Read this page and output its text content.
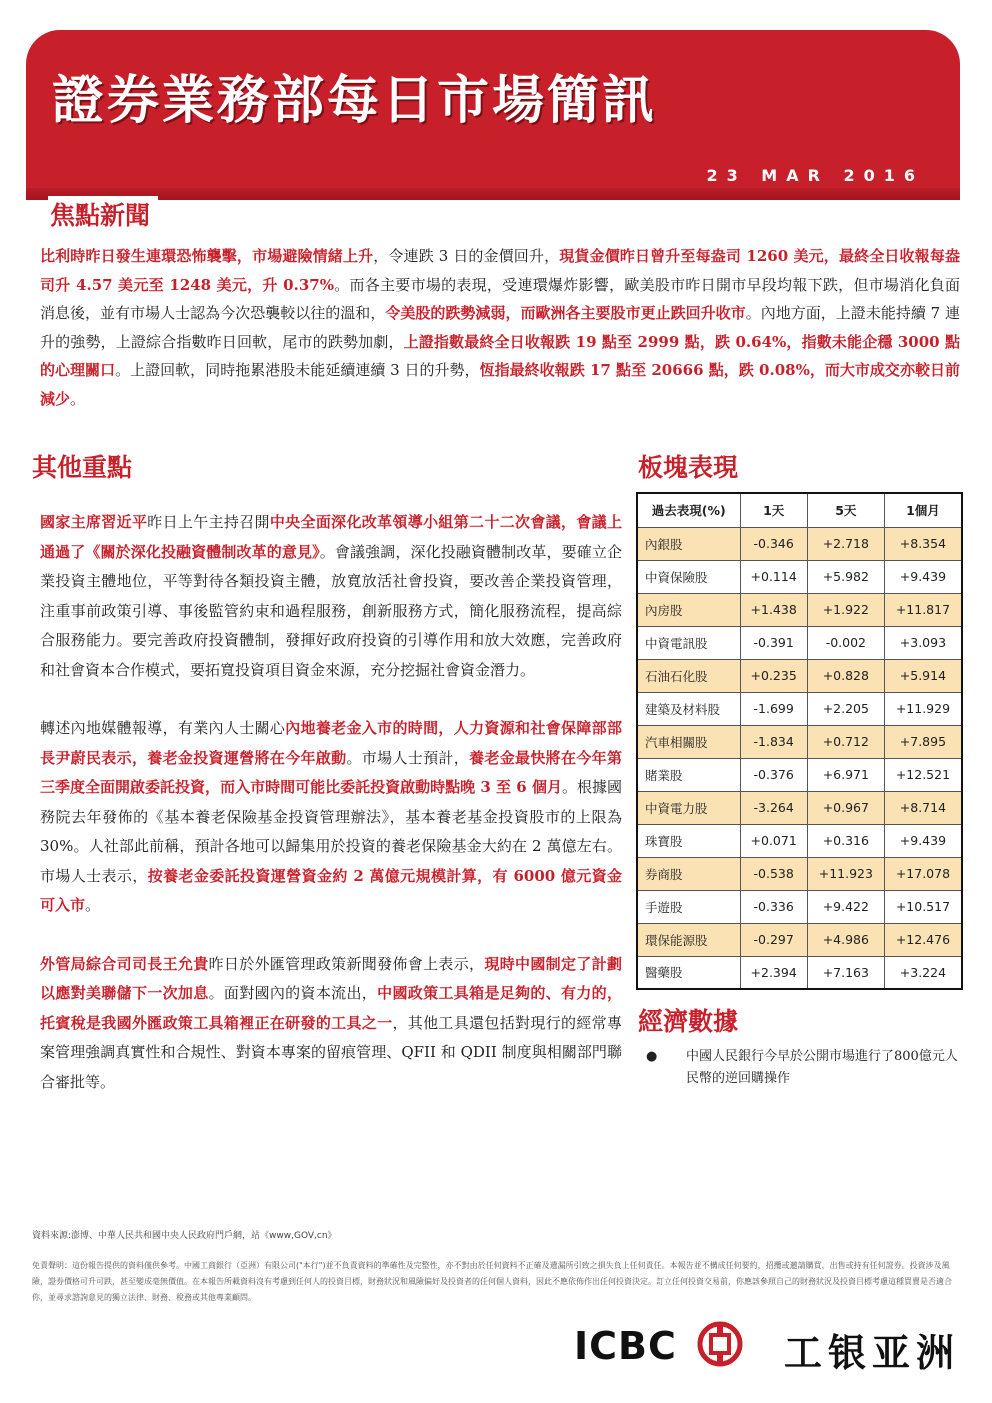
證券業務部每日市場簡訊
23 MAR 2016
焦點新聞
比利時昨日發生連環恐怖襲擊，市場避險情緒上升，令連跌 3 日的金價回升，現貨金價昨日曾升至每盎司 1260 美元，最終全日收報每盎司升 4.57 美元至 1248 美元，升 0.37%。而各主要市場的表現，受連環爆炸影響，歐美股市昨日開市早段均報下跌，但市場消化負面消息後，並有市場人士認為今次恐襲較以往的溫和，令美股的跌勢減弱，而歐洲各主要股市更止跌回升收市。內地方面，上證未能持續 7 連升的強勢，上證綜合指數昨日回軟，尾市的跌勢加劇，上證指數最終全日收報跌 19 點至 2999 點，跌 0.64%，指數未能企穩 3000 點的心理關口。上證回軟，同時拖累港股未能延續連續 3 日的升勢，恆指最終收報跌 17 點至 20666 點，跌 0.08%，而大市成交亦較日前減少。
其他重點

國家主席習近平昨日上午主持召開中央全面深化改革領導小組第二十二次會議，會議上通過了《關於深化投融資體制改革的意見》。會議強調，深化投融資體制改革，要確立企業投資主體地位，平等對待各類投資主體，放寬放活社會投資，要改善企業投資管理，注重事前政策引導、事後監管約束和過程服務，創新服務方式，簡化服務流程，提高綜合服務能力。要完善政府投資體制，發揮好政府投資的引導作用和放大效應，完善政府和社會資本合作模式，要拓寬投資項目資金來源，充分挖掘社會資金潛力。

轉述內地媒體報導，有業內人士關心內地養老金入市的時間，人力資源和社會保障部部長尹蔚民表示，養老金投資運營將在今年啟動。市場人士預計，養老金最快將在今年第三季度全面開啟委託投資，而入市時間可能比委託投資啟動時點晚 3 至 6 個月。根據國務院去年發佈的《基本養老保險基金投資管理辦法》，基本養老基金投資股市的上限為 30%。人社部此前稱，預計各地可以歸集用於投資的養老保險基金大約在 2 萬億左右。市場人士表示，按養老金委託投資運營資金約 2 萬億元規模計算，有 6000 億元資金可入市。

外管局綜合司司長王允貴昨日於外匯管理政策新聞發佈會上表示，現時中國制定了計劃以應對美聯儲下一次加息。面對國內的資本流出，中國政策工具箱是足夠的、有力的，托賓稅是我國外匯政策工具箱裡正在研發的工具之一，其他工具還包括對現行的經常專案管理強調真實性和合規性、對資本專案的留痕管理、QFII 和 QDII 制度與相關部門聯合審批等。

板塊表現
過去表現(%)	1天	5天	1個月
內銀股	-0.346	+2.718	+8.354
中資保險股	+0.114	+5.982	+9.439
內房股	+1.438	+1.922	+11.817
中資電訊股	-0.391	-0.002	+3.093
石油石化股	+0.235	+0.828	+5.914
建築及材料股	-1.699	+2.205	+11.929
汽車相關股	-1.834	+0.712	+7.895
賭業股	-0.376	+6.971	+12.521
中資電力股	-3.264	+0.967	+8.714
珠寶股	+0.071	+0.316	+9.439
券商股	-0.538	+11.923	+17.078
手遊股	-0.336	+9.422	+10.517
環保能源股	-0.297	+4.986	+12.476
醫藥股	+2.394	+7.163	+3.224
經濟數據
● 中國人民銀行今早於公開市場進行了800億元人民幣的逆回購操作
資料來源:澎博、中華人民共和國中央人民政府門戶網，站《www,GOV,cn》
免責聲明：這份報告提供的資料僅供參考。中國工商銀行（亞洲）有限公司("本行")並不負責資料的準確性及完整性，亦不對由於任何資料不正確及遺漏所引致之損失負上任何責任。本報告並不構成任何要約，招攬或邀請購買，出售或持有任何證券。投資涉及風險，證券價格可升可跌，甚至變成毫無價值。在本報告所載資料沒有考慮到任何人的投資目標，財務狀況和風險偏好及投資者的任何個人資料，因此不應依佈作出任何投資決定。訂立任何投資交易前，你應該參照自己的財務狀況及投資目標考慮這種買賣是否適合你，並尋求諮詢意見的獨立法律、財務、稅務或其他專業顧問。
ICBC	工银亚洲
